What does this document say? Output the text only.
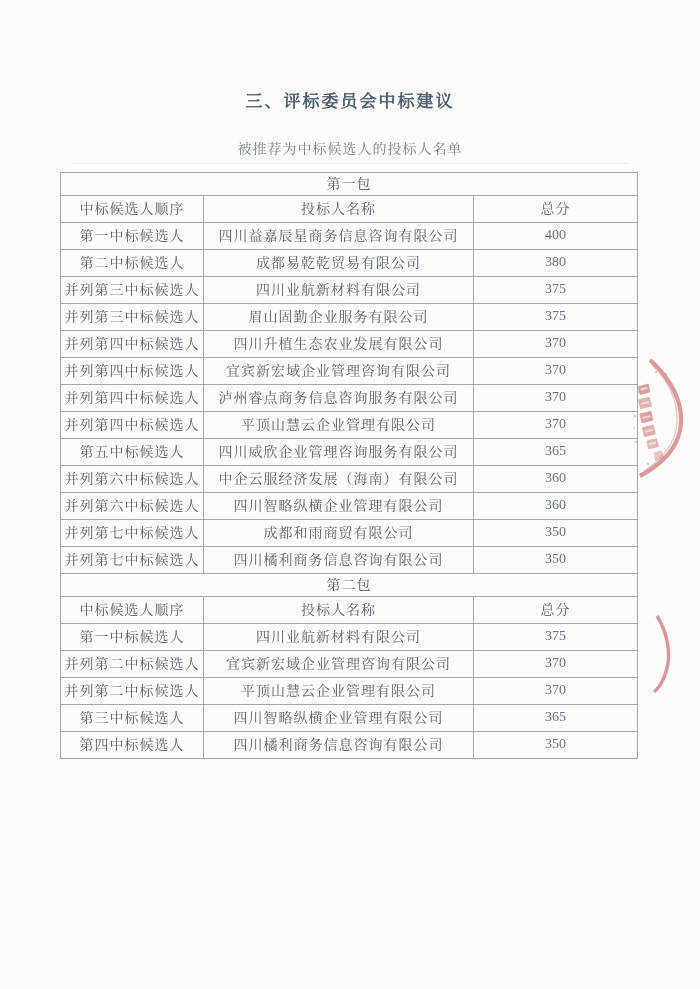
三、评标委员会中标建议
被推荐为中标候选人的投标人名单
第一包		
中标候选人顺序	投标人名称	总分
第一中标候选人	四川益嘉辰星商务信息咨询有限公司	400
第二中标候选人	成都易乾乾贸易有限公司	380
并列第三中标候选人	四川业航新材料有限公司	375
并列第三中标候选人	眉山固勤企业服务有限公司	375
并列第四中标候选人	四川升植生态农业发展有限公司	370
并列第四中标候选人	宜宾新宏域企业管理咨询有限公司	370
并列第四中标候选人	泸州睿点商务信息咨询服务有限公司	370
并列第四中标候选人	平顶山慧云企业管理有限公司	370
第五中标候选人	四川威欣企业管理咨询服务有限公司	365
并列第六中标候选人	中企云服经济发展（海南）有限公司	360
并列第六中标候选人	四川智略纵横企业管理有限公司	360
并列第七中标候选人	成都和雨商贸有限公司	350
并列第七中标候选人	四川橘利商务信息咨询有限公司	350
第二包		
中标候选人顺序	投标人名称	总分
第一中标候选人	四川业航新材料有限公司	375
并列第二中标候选人	宜宾新宏域企业管理咨询有限公司	370
并列第二中标候选人	平顶山慧云企业管理有限公司	370
第三中标候选人	四川智略纵横企业管理有限公司	365
第四中标候选人	四川橘利商务信息咨询有限公司	350
